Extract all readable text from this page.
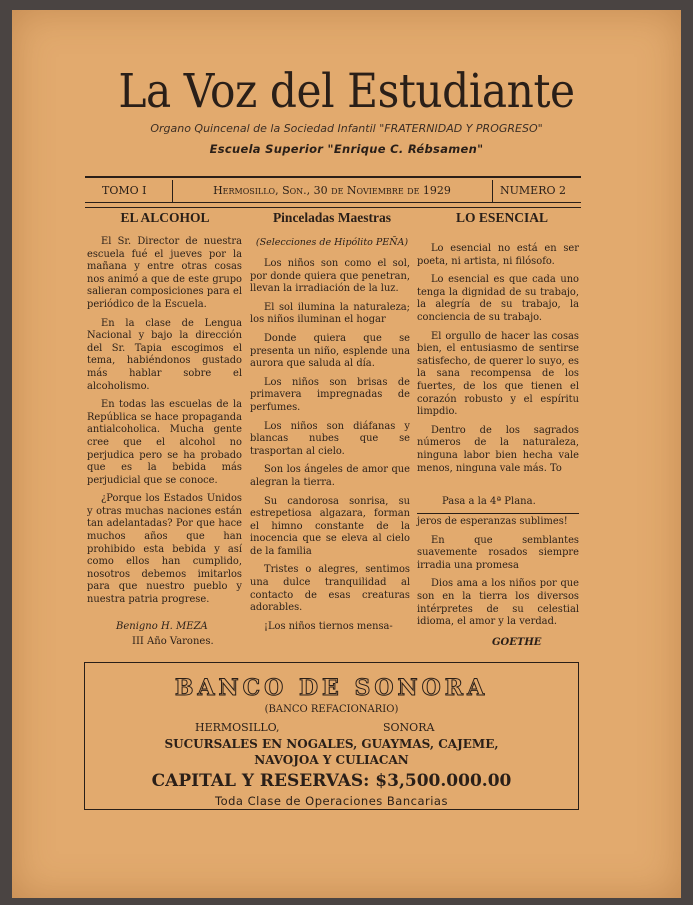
La Voz del Estudiante
Organo Quincenal de la Sociedad Infantil "FRATERNIDAD Y PROGRESO"
Escuela Superior "Enrique C. Rébsamen"
TOMO I	Hermosillo, Son., 30 de Noviembre de 1929	NUMERO 2
EL ALCOHOL

El Sr. Director de nuestra escuela fué el jueves por la mañana y entre otras cosas nos animó a que de este grupo salieran composiciones para el periódico de la Escuela.

En la clase de Lengua Nacional y bajo la dirección del Sr. Tapia escogimos el tema, habiéndonos gustado más hablar sobre el alcoholismo.

En todas las escuelas de la República se hace propaganda antialcoholica. Mucha gente cree que el alcohol no perjudica pero se ha probado que es la bebida más perjudicial que se conoce.

¿Porque los Estados Unidos y otras muchas naciones están tan adelantadas? Por que hace muchos años que han prohibido esta bebida y así como ellos han cumplido, nosotros debemos imitarlos para que nuestro pueblo y nuestra patria progrese.

Benigno H. MEZA
III Año Varones.
Pinceladas Maestras
(Selecciones de Hipólito PEÑA)

Los niños son como el sol, por donde quiera que penetran, llevan la irradiación de la luz.

El sol ilumina la naturaleza; los niños iluminan el hogar

Donde quiera que se presenta un niño, esplende una aurora que saluda al día.

Los niños son brisas de primavera impregnadas de perfumes.

Los niños son diáfanas y blancas nubes que se trasportan al cielo.

Son los ángeles de amor que alegran la tierra.

Su candorosa sonrisa, su estrepetiosa algazara, forman el himno constante de la inocencia que se eleva al cielo de la familia

Tristes o alegres, sentimos una dulce tranquilidad al contacto de esas creaturas adorables.

¡Los niños tiernos mensa-

LO ESENCIAL

Lo esencial no está en ser poeta, ni artista, ni filósofo.

Lo esencial es que cada uno tenga la dignidad de su trabajo, la alegría de su trabajo, la conciencia de su trabajo.

El orgullo de hacer las cosas bien, el entusiasmo de sentirse satisfecho, de querer lo suyo, es la sana recompensa de los fuertes, de los que tienen el corazón robusto y el espíritu limpdio.

Dentro de los sagrados números de la naturaleza, ninguna labor bien hecha vale menos, ninguna vale más. To

Pasa a la 4ª Plana.

jeros de esperanzas sublimes!

En que semblantes suavemente rosados siempre irradia una promesa

Dios ama a los niños por que son en la tierra los diversos intérpretes de su celestial idioma, el amor y la verdad.

GOETHE
BANCO DE SONORA
(BANCO REFACIONARIO)
HERMOSILLO,	SONORA
SUCURSALES EN NOGALES, GUAYMAS, CAJEME,
NAVOJOA Y CULIACAN
CAPITAL Y RESERVAS: $3,500.000.00
Toda Clase de Operaciones Bancarias
